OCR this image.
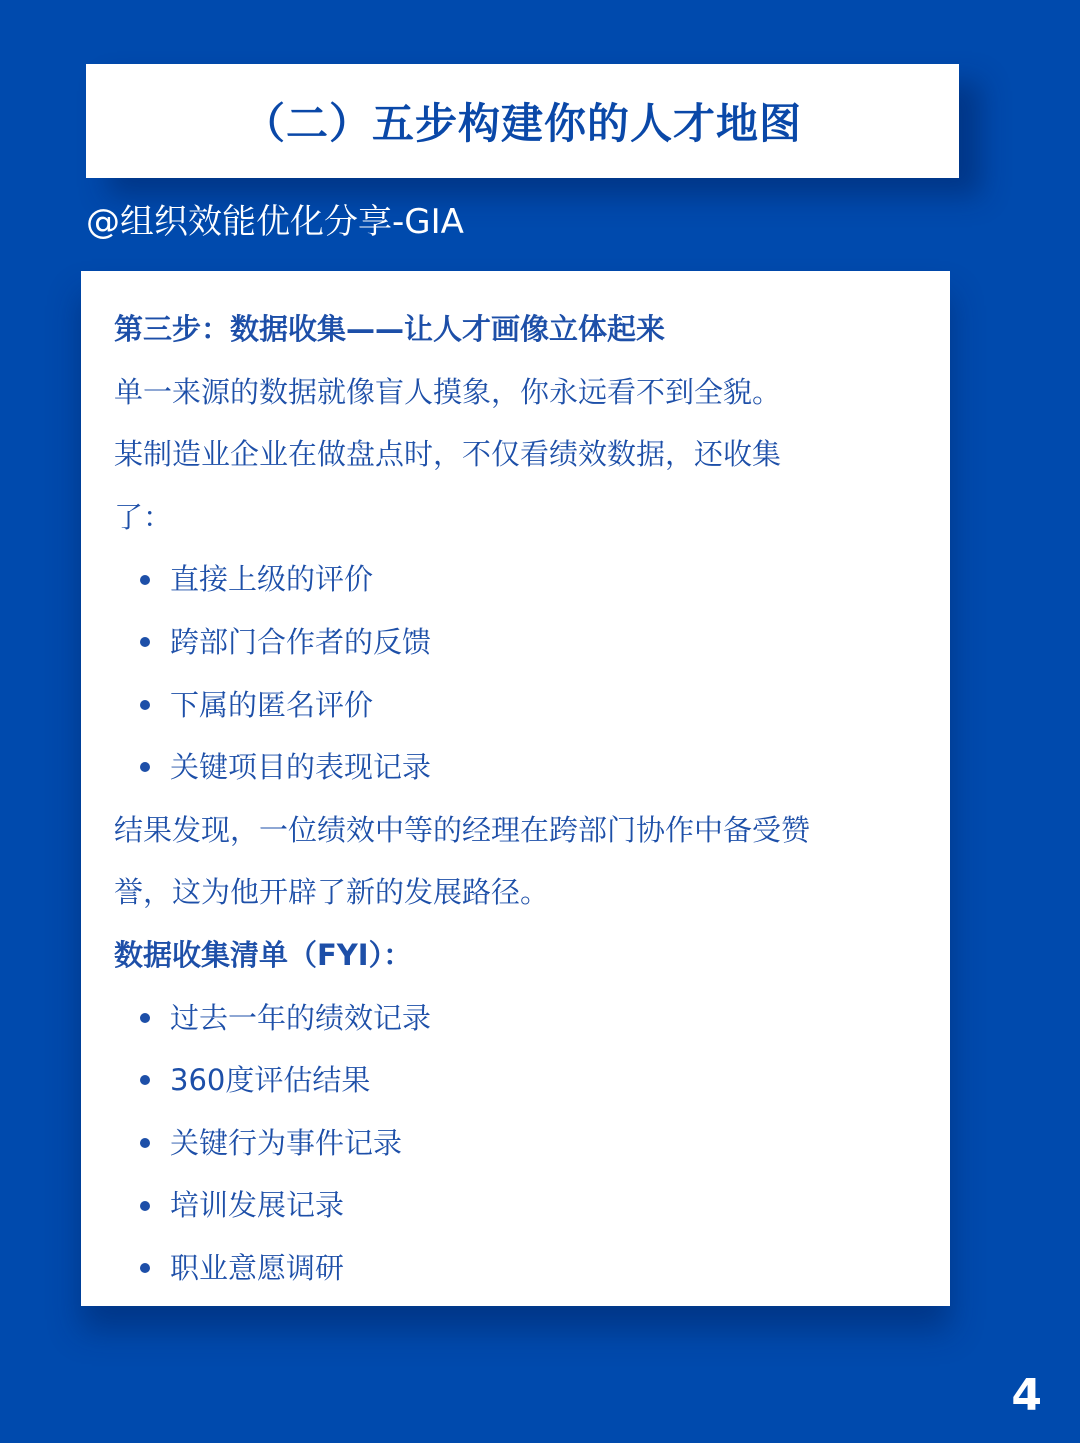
（二）五步构建你的人才地图
@组织效能优化分享-GIA
第三步：数据收集——让人才画像立体起来
单一来源的数据就像盲人摸象，你永远看不到全貌。
某制造业企业在做盘点时，不仅看绩效数据，还收集
了：
直接上级的评价
跨部门合作者的反馈
下属的匿名评价
关键项目的表现记录
结果发现，一位绩效中等的经理在跨部门协作中备受赞
誉，这为他开辟了新的发展路径。
数据收集清单（FYI）：
过去一年的绩效记录
360度评估结果
关键行为事件记录
培训发展记录
职业意愿调研
4
